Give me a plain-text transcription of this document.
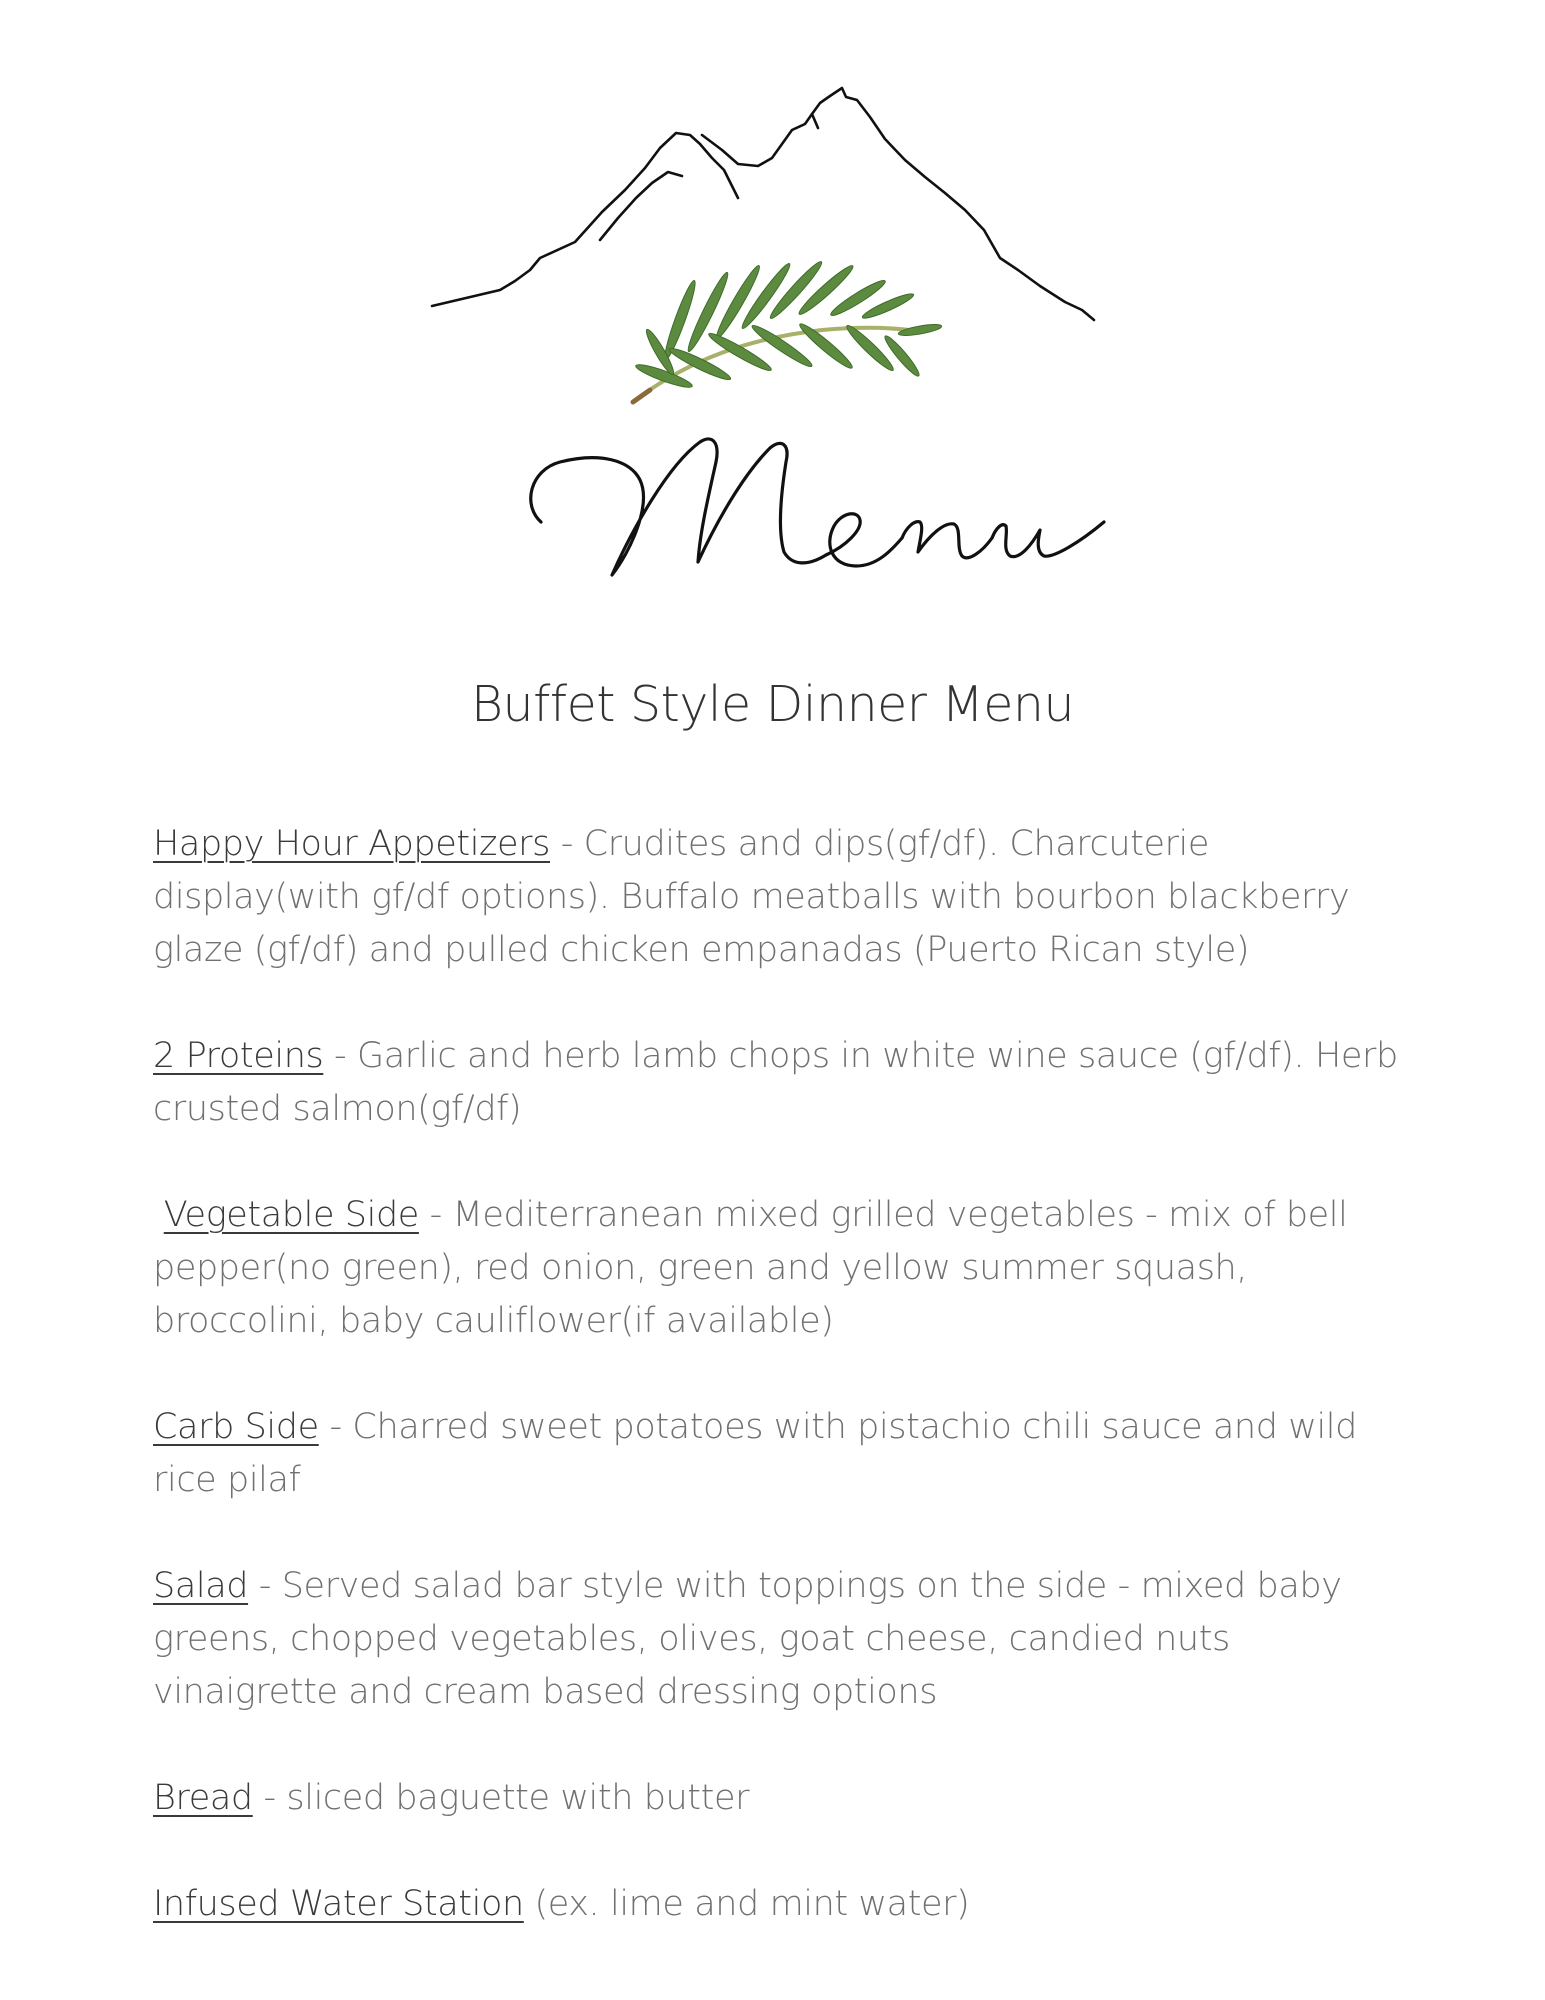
Buffet Style Dinner Menu

Happy Hour Appetizers - Crudites and dips(gf/df). Charcuterie display(with gf/df options). Buffalo meatballs with bourbon blackberry glaze (gf/df) and pulled chicken empanadas (Puerto Rican style)

2 Proteins - Garlic and herb lamb chops in white wine sauce (gf/df). Herb crusted salmon(gf/df)

Vegetable Side - Mediterranean mixed grilled vegetables - mix of bell pepper(no green), red onion, green and yellow summer squash, broccolini, baby cauliflower(if available)

Carb Side - Charred sweet potatoes with pistachio chili sauce and wild rice pilaf

Salad - Served salad bar style with toppings on the side - mixed baby greens, chopped vegetables, olives, goat cheese, candied nuts vinaigrette and cream based dressing options

Bread - sliced baguette with butter

Infused Water Station (ex. lime and mint water)
